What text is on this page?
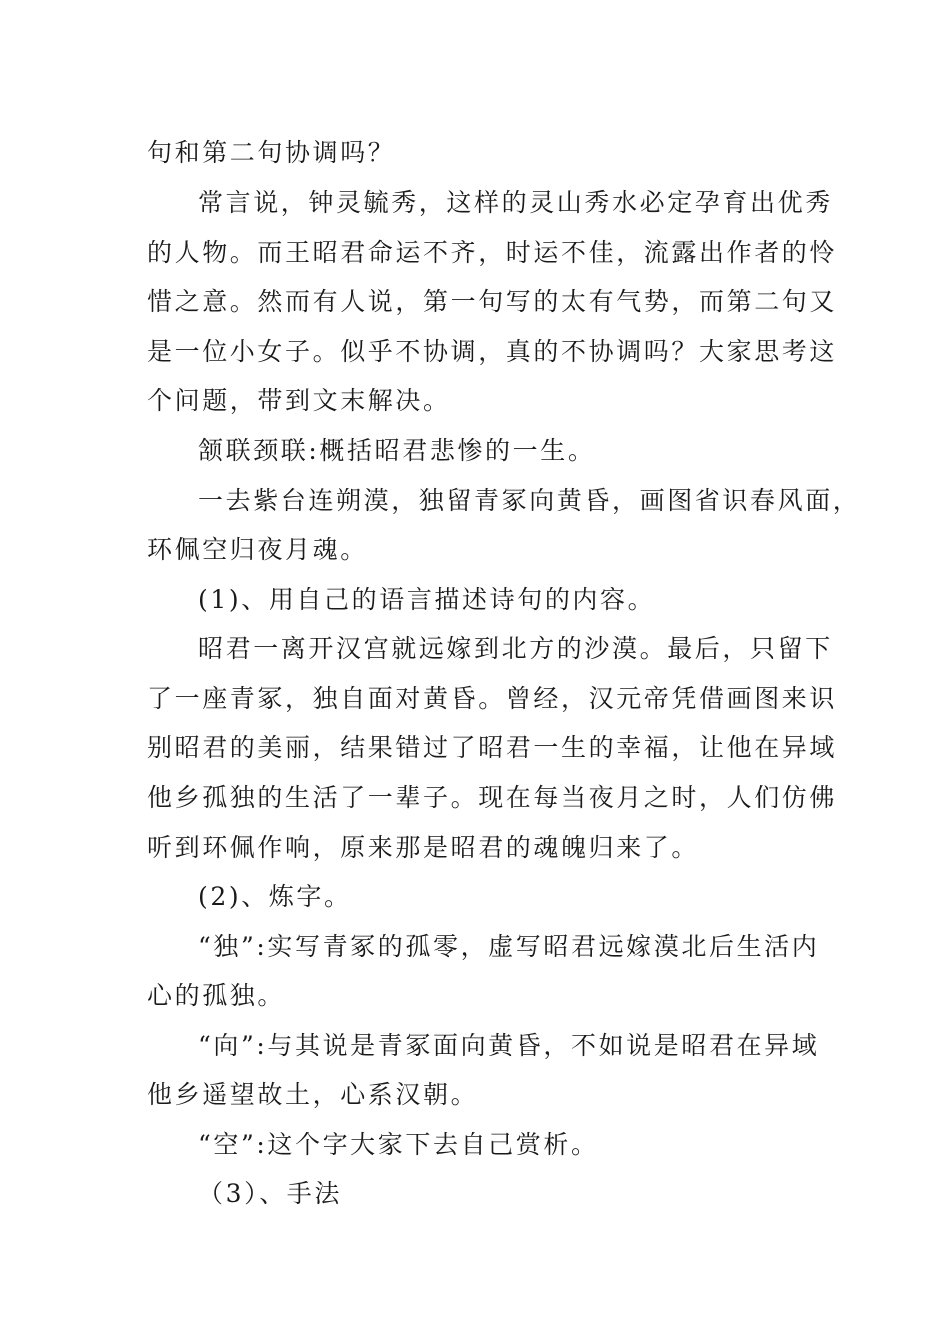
句和第二句协调吗？
常言说，钟灵毓秀，这样的灵山秀水必定孕育出优秀
的人物。而王昭君命运不齐，时运不佳，流露出作者的怜
惜之意。然而有人说，第一句写的太有气势，而第二句又
是一位小女子。似乎不协调，真的不协调吗？大家思考这
个问题，带到文末解决。
颔联颈联:概括昭君悲惨的一生。
一去紫台连朔漠，独留青冢向黄昏，画图省识春风面，
环佩空归夜月魂。
(1)、用自己的语言描述诗句的内容。
昭君一离开汉宫就远嫁到北方的沙漠。最后，只留下
了一座青冢，独自面对黄昏。曾经，汉元帝凭借画图来识
别昭君的美丽，结果错过了昭君一生的幸福，让他在异域
他乡孤独的生活了一辈子。现在每当夜月之时，人们仿佛
听到环佩作响，原来那是昭君的魂魄归来了。
(2)、炼字。
“独”:实写青冢的孤零，虚写昭君远嫁漠北后生活内
心的孤独。
“向”:与其说是青冢面向黄昏，不如说是昭君在异域
他乡遥望故土，心系汉朝。
“空”:这个字大家下去自己赏析。
（3）、手法
